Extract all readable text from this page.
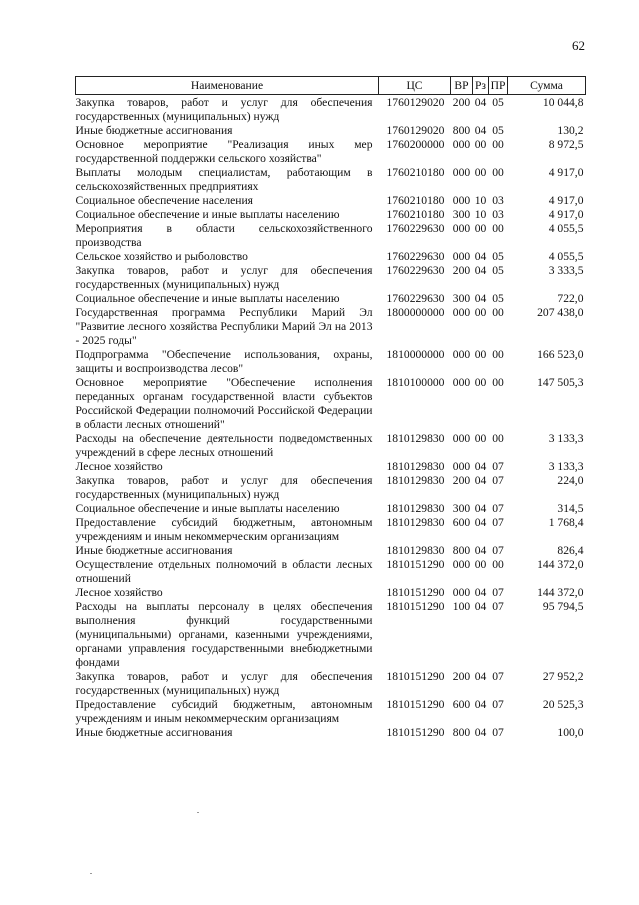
62
Наименование	ЦС	ВР	Рз	ПР	Сумма

Закупка товаров, работ и услуг для обеспечения государственных (муниципальных) нужд	1760129020	200	04	05	10 044,8
Иные бюджетные ассигнования	1760129020	800	04	05	130,2
Основное мероприятие "Реализация иных мер государственной поддержки сельского хозяйства"	1760200000	000	00	00	8 972,5
Выплаты молодым специалистам, работающим в сельскохозяйственных предприятиях	1760210180	000	00	00	4 917,0
Социальное обеспечение населения	1760210180	000	10	03	4 917,0
Социальное обеспечение и иные выплаты населению	1760210180	300	10	03	4 917,0
Мероприятия в области сельскохозяйственного производства	1760229630	000	00	00	4 055,5
Сельское хозяйство и рыболовство	1760229630	000	04	05	4 055,5
Закупка товаров, работ и услуг для обеспечения государственных (муниципальных) нужд	1760229630	200	04	05	3 333,5
Социальное обеспечение и иные выплаты населению	1760229630	300	04	05	722,0
Государственная программа Республики Марий Эл "Развитие лесного хозяйства Республики Марий Эл на 2013 - 2025 годы"	1800000000	000	00	00	207 438,0
Подпрограмма "Обеспечение использования, охраны, защиты и воспроизводства лесов"	1810000000	000	00	00	166 523,0
Основное мероприятие "Обеспечение исполнения переданных органам государственной власти субъектов Российской Федерации полномочий Российской Федерации в области лесных отношений"	1810100000	000	00	00	147 505,3
Расходы на обеспечение деятельности подведомственных учреждений в сфере лесных отношений	1810129830	000	00	00	3 133,3
Лесное хозяйство	1810129830	000	04	07	3 133,3
Закупка товаров, работ и услуг для обеспечения государственных (муниципальных) нужд	1810129830	200	04	07	224,0
Социальное обеспечение и иные выплаты населению	1810129830	300	04	07	314,5
Предоставление субсидий бюджетным, автономным учреждениям и иным некоммерческим организациям	1810129830	600	04	07	1 768,4
Иные бюджетные ассигнования	1810129830	800	04	07	826,4
Осуществление отдельных полномочий в области лесных отношений	1810151290	000	00	00	144 372,0
Лесное хозяйство	1810151290	000	04	07	144 372,0
Расходы на выплаты персоналу в целях обеспечения выполнения функций государственными (муниципальными) органами, казенными учреждениями, органами управления государственными внебюджетными фондами	1810151290	100	04	07	95 794,5
Закупка товаров, работ и услуг для обеспечения государственных (муниципальных) нужд	1810151290	200	04	07	27 952,2
Предоставление субсидий бюджетным, автономным учреждениям и иным некоммерческим организациям	1810151290	600	04	07	20 525,3
Иные бюджетные ассигнования	1810151290	800	04	07	100,0
